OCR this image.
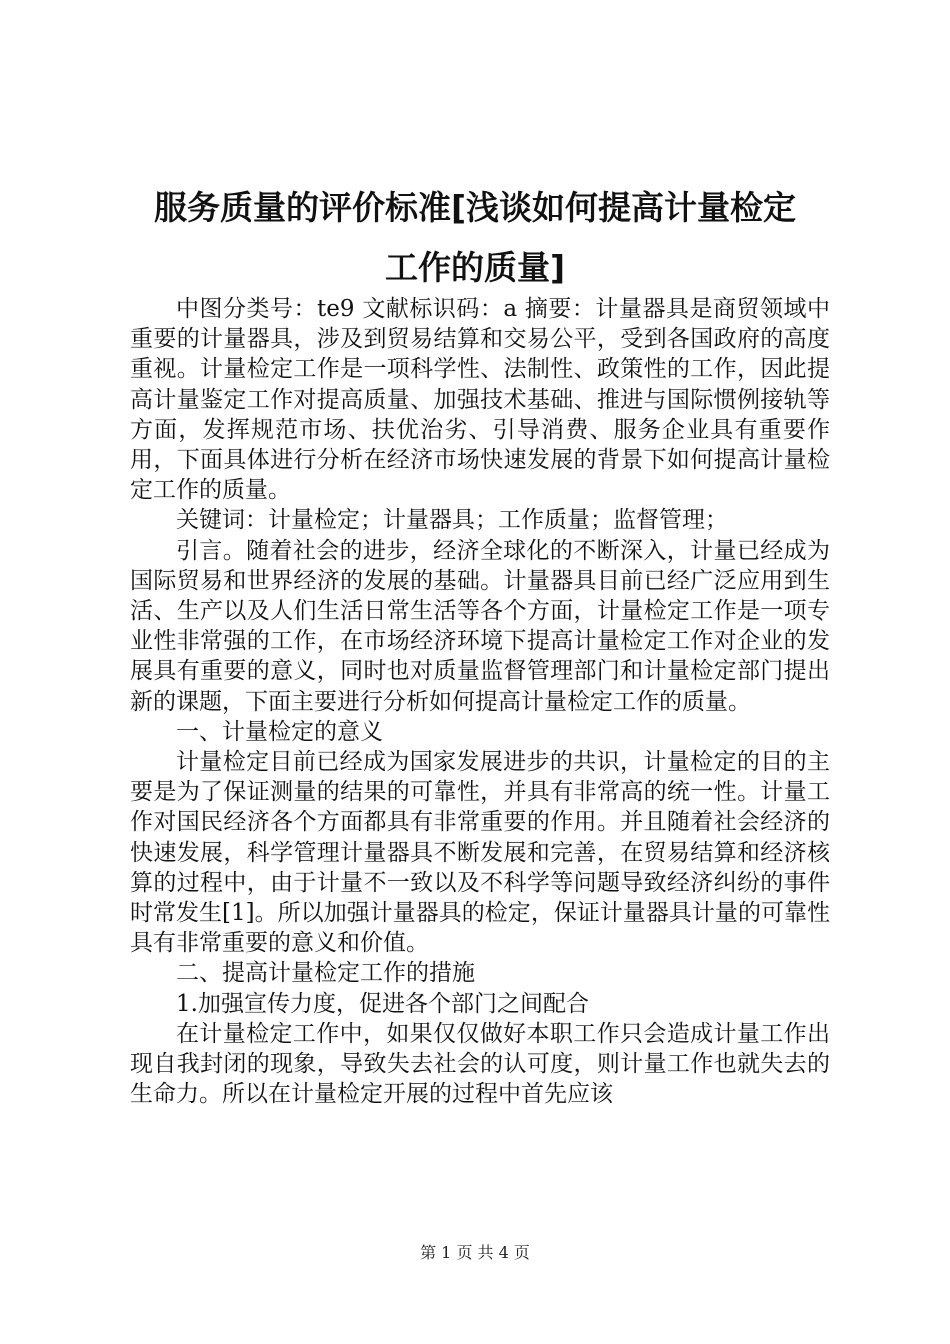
服务质量的评价标准[浅谈如何提高计量检定
工作的质量]

中图分类号：te9 文献标识码：a 摘要：计量器具是商贸领域中重要的计量器具，涉及到贸易结算和交易公平，受到各国政府的高度重视。计量检定工作是一项科学性、法制性、政策性的工作，因此提高计量鉴定工作对提高质量、加强技术基础、推进与国际惯例接轨等方面，发挥规范市场、扶优治劣、引导消费、服务企业具有重要作用，下面具体进行分析在经济市场快速发展的背景下如何提高计量检定工作的质量。

关键词：计量检定；计量器具；工作质量；监督管理；

引言。随着社会的进步，经济全球化的不断深入，计量已经成为国际贸易和世界经济的发展的基础。计量器具目前已经广泛应用到生活、生产以及人们生活日常生活等各个方面，计量检定工作是一项专业性非常强的工作，在市场经济环境下提高计量检定工作对企业的发展具有重要的意义，同时也对质量监督管理部门和计量检定部门提出新的课题，下面主要进行分析如何提高计量检定工作的质量。

一、计量检定的意义

计量检定目前已经成为国家发展进步的共识，计量检定的目的主要是为了保证测量的结果的可靠性，并具有非常高的统一性。计量工作对国民经济各个方面都具有非常重要的作用。并且随着社会经济的快速发展，科学管理计量器具不断发展和完善，在贸易结算和经济核算的过程中，由于计量不一致以及不科学等问题导致经济纠纷的事件时常发生[1]。所以加强计量器具的检定，保证计量器具计量的可靠性具有非常重要的意义和价值。

二、提高计量检定工作的措施

1.加强宣传力度，促进各个部门之间配合

在计量检定工作中，如果仅仅做好本职工作只会造成计量工作出现自我封闭的现象，导致失去社会的认可度，则计量工作也就失去的生命力。所以在计量检定开展的过程中首先应该

第 1 页 共 4 页
